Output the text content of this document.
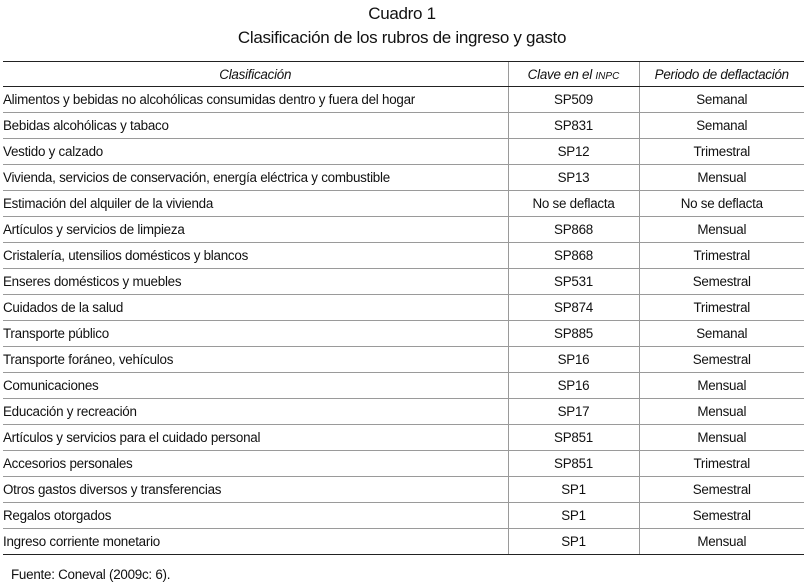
Cuadro 1
Clasificación de los rubros de ingreso y gasto
Clasificación	Clave en el INPC	Periodo de deflactación
Alimentos y bebidas no alcohólicas consumidas dentro y fuera del hogar	SP509	Semanal
Bebidas alcohólicas y tabaco	SP831	Semanal
Vestido y calzado	SP12	Trimestral
Vivienda, servicios de conservación, energía eléctrica y combustible	SP13	Mensual
Estimación del alquiler de la vivienda	No se deflacta	No se deflacta
Artículos y servicios de limpieza	SP868	Mensual
Cristalería, utensilios domésticos y blancos	SP868	Trimestral
Enseres domésticos y muebles	SP531	Semestral
Cuidados de la salud	SP874	Trimestral
Transporte público	SP885	Semanal
Transporte foráneo, vehículos	SP16	Semestral
Comunicaciones	SP16	Mensual
Educación y recreación	SP17	Mensual
Artículos y servicios para el cuidado personal	SP851	Mensual
Accesorios personales	SP851	Trimestral
Otros gastos diversos y transferencias	SP1	Semestral
Regalos otorgados	SP1	Semestral
Ingreso corriente monetario	SP1	Mensual
Fuente: Coneval (2009c: 6).
